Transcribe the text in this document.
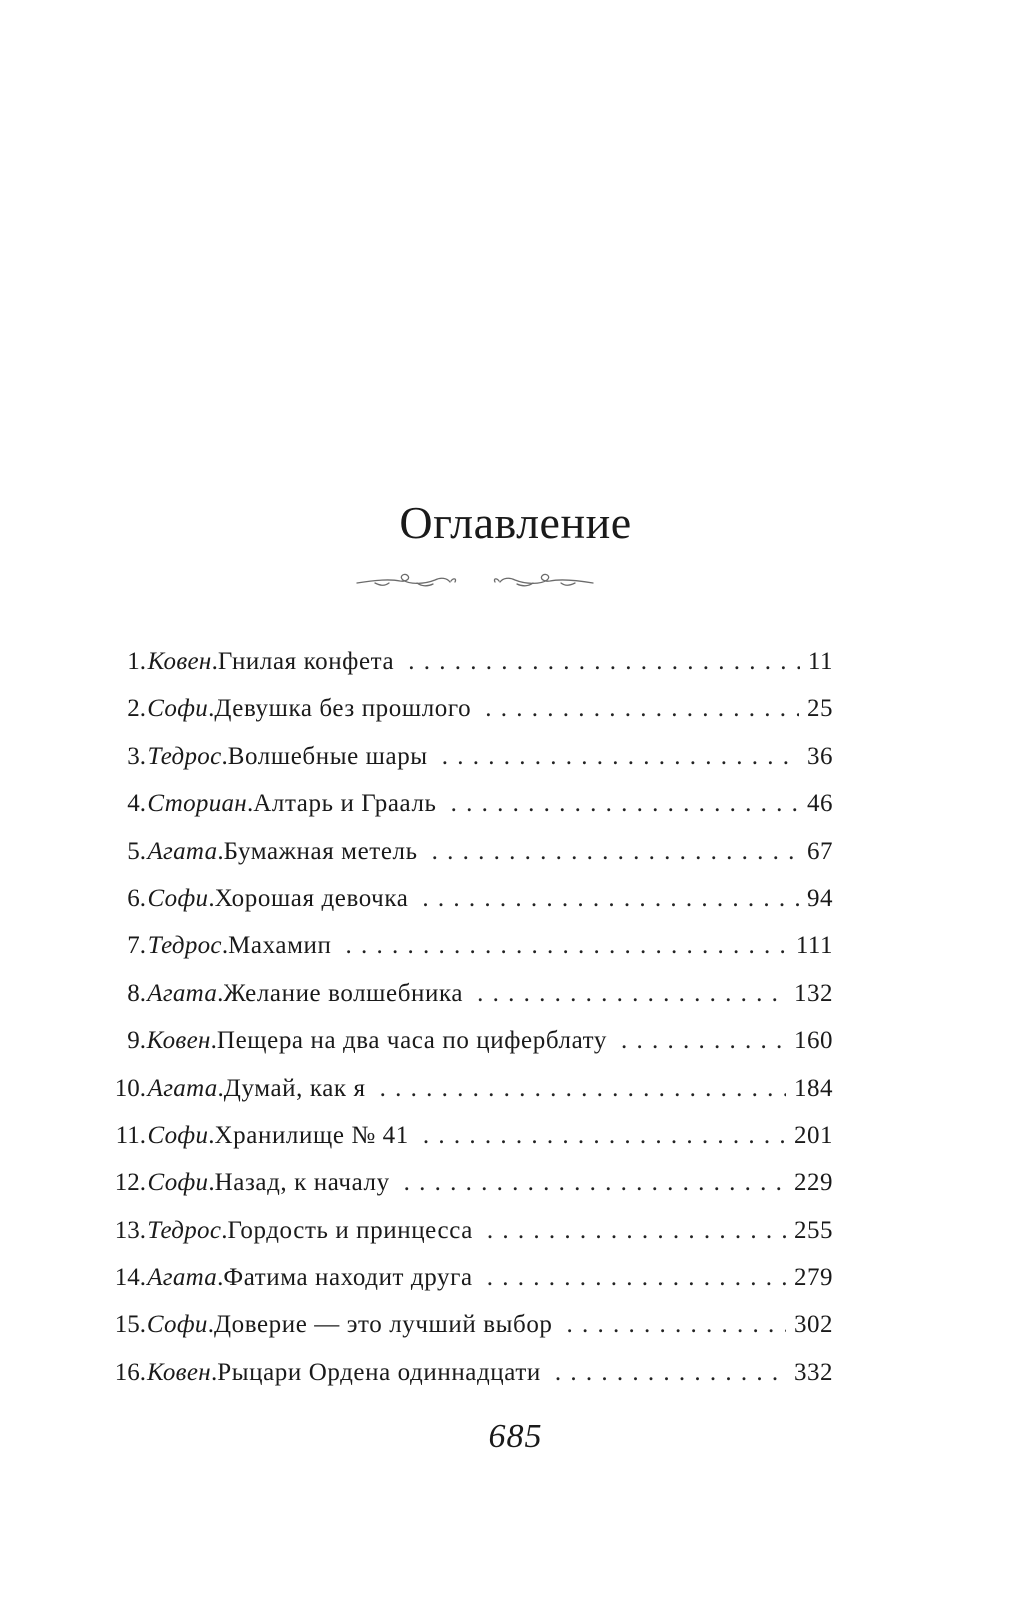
Оглавление
1. Ковен . Гнилая конфета . . .	11
2. Софи . Девушка без прошлого . . .	25
3. Тедрос . Волшебные шары . . .	36
4. Сториан . Алтарь и Грааль . . .	46
5. Агата . Бумажная метель . . .	67
6. Софи . Хорошая девочка . . .	94
7. Тедрос . Махамип . . .	111
8. Агата . Желание волшебника . . .	132
9. Ковен . Пещера на два часа по циферблату . . .	160
10. Агата . Думай, как я . . .	184
11. Софи . Хранилище № 41 . . .	201
12. Софи . Назад, к началу . . .	229
13. Тедрос . Гордость и принцесса . . .	255
14. Агата . Фатима находит друга . . .	279
15. Софи . Доверие — это лучший выбор . . .	302
16. Ковен . Рыцари Ордена одиннадцати . . .	332
685
